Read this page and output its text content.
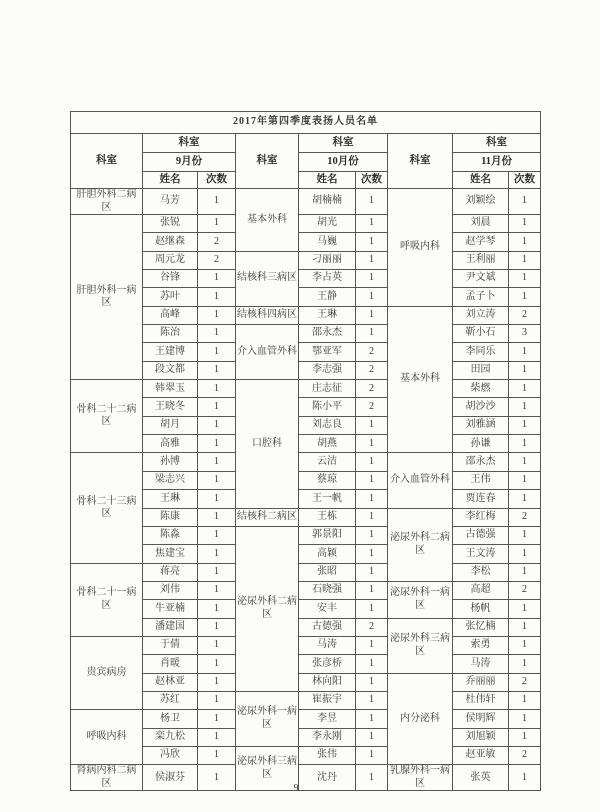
2017年第四季度表扬人员名单								
科室	科室		科室	科室		科室	科室	
	9月份			10月份			11月份	
	姓名	次数		姓名	次数		姓名	次数
肝胆外科二病区	马芳	1	基本外科	胡楠楠	1	呼吸内科	刘颖绘	1
肝胆外科一病区	张锐	1		胡光	1		刘晨	1
	赵继森	2		马巍	1		赵学琴	1
	周元龙	2	结核科三病区	刁丽丽	1		王利丽	1
	谷锋	1		李占英	1		尹文斌	1
	苏叶	1		王静	1		孟子卜	1
	高峰	1	结核科四病区	王琳	1	基本外科	刘立涛	2
	陈治	1	介入血管外科	邵永杰	1		靳小石	3
	王建博	1		鄂亚军	2		李同乐	1
	段文都	1		李志强	2		田园	1
骨科二十二病区	韩翠玉	1	口腔科	庄志征	2		柴燃	1
	王晓冬	1		陈小平	2		胡沙沙	1
	胡月	1		刘志良	1		刘雅涵	1
	高雅	1		胡燕	1		孙谦	1
骨科二十三病区	孙博	1		云洁	1	介入血管外科	邵永杰	1
	梁志兴	1		蔡琼	1		王伟	1
	王琳	1		王一帆	1		贾连春	1
	陈康	1	结核科二病区	王栋	1	泌尿外科二病区	李红梅	2
	陈淼	1	泌尿外科二病区	郭景阳	1		古德强	1
	焦建宝	1		高颖	1		王文涛	1
骨科二十一病区	蒋亮	1		张昭	1		李松	1
	刘伟	1		石晓强	1	泌尿外科一病区	高超	2
	牛亚楠	1		安丰	1		杨帆	1
	潘建国	1		古德强	2	泌尿外科三病区	张忆楠	1
贵宾病房	于倩	1		马涛	1		索勇	1
	肖暖	1		张彦桥	1		马涛	1
	赵林亚	1		林向阳	1	内分泌科	乔丽丽	2
	苏红	1	泌尿外科一病区	崔振宇	1		杜伟轩	1
呼吸内科	杨卫	1		李昱	1		侯明辉	1
	栾九松	1		李永刚	1		刘旭颖	1
	冯欣	1	泌尿外科三病区	张伟	1		赵亚敏	2
肾病内科二病区	侯淑芬	1		沈丹	1	乳腺外科一病区	张英	1
9
